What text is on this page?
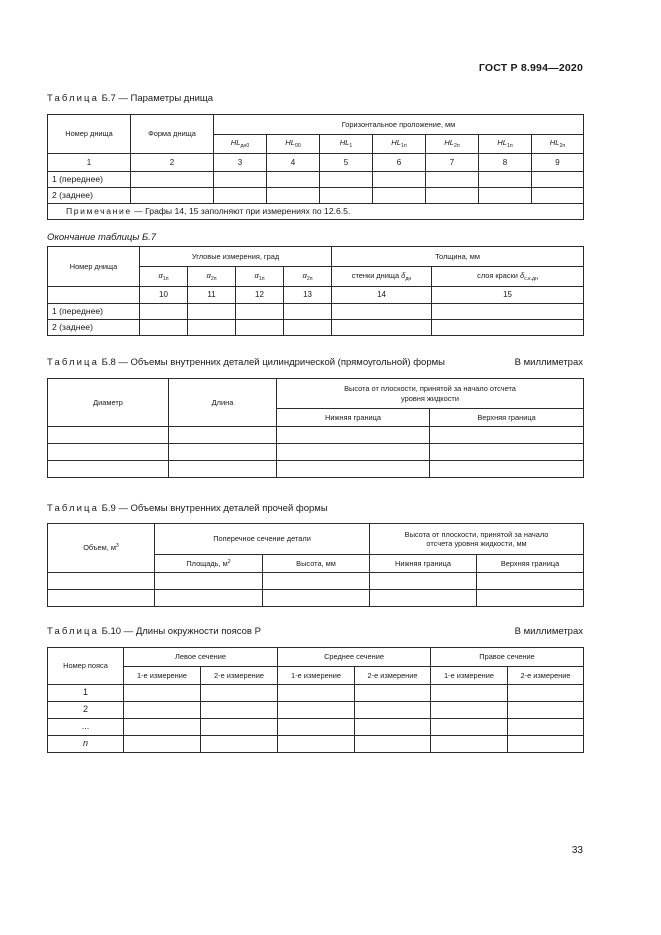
ГОСТ Р 8.994—2020
Таблица Б.7 — Параметры днища
Номер днища	Форма днища	Горизонтальное проложение, мм						
		$HL_{дн0}$	$HL_{00}$	$HL_1$	$HL_{1п}$	$HL_{2п}$	$HL_{1п}$	$HL_{2п}$
1	2	3	4	5	6	7	8	9
1 (переднее)								
2 (заднее)								
Примечание — Графы 14, 15 заполняют при измерениях по 12.6.5.								
Окончание таблицы Б.7
Номер днища	Угловые измерения, град				Толщина, мм	
	$\alpha_{1п}$	$\alpha_{2п}$	$\alpha_{1п}$	$\alpha_{2п}$	стенки днища $\delta_{дн}$	слоя краски $\delta_{с.к.дн}$
	10	11	12	13	14	15
1 (переднее)						
2 (заднее)						
Таблица Б.8 — Объемы внутренних деталей цилиндрической (прямоугольной) формы	В миллиметрах
Диаметр	Длина	Высота от плоскости, принятой за начало отсчета
уровня жидкости	

		Нижняя граница	Верхняя граница

Таблица Б.9 — Объемы внутренних деталей прочей формы
Объем, $м^3$	Поперечное сечение детали		Высота от плоскости, принятой за начало
отсчета уровня жидкости, мм	

	Площадь, $м^2$	Высота, мм	Нижняя граница	Верхняя граница

Таблица Б.10 — Длины окружности поясов Р	В миллиметрах
Номер пояса	Левое сечение		Среднее сечение		Правое сечение	
	1-е измерение	2-е измерение	1-е измерение	2-е измерение	1-е измерение	2-е измерение
1						
2						
...						
n						
33
